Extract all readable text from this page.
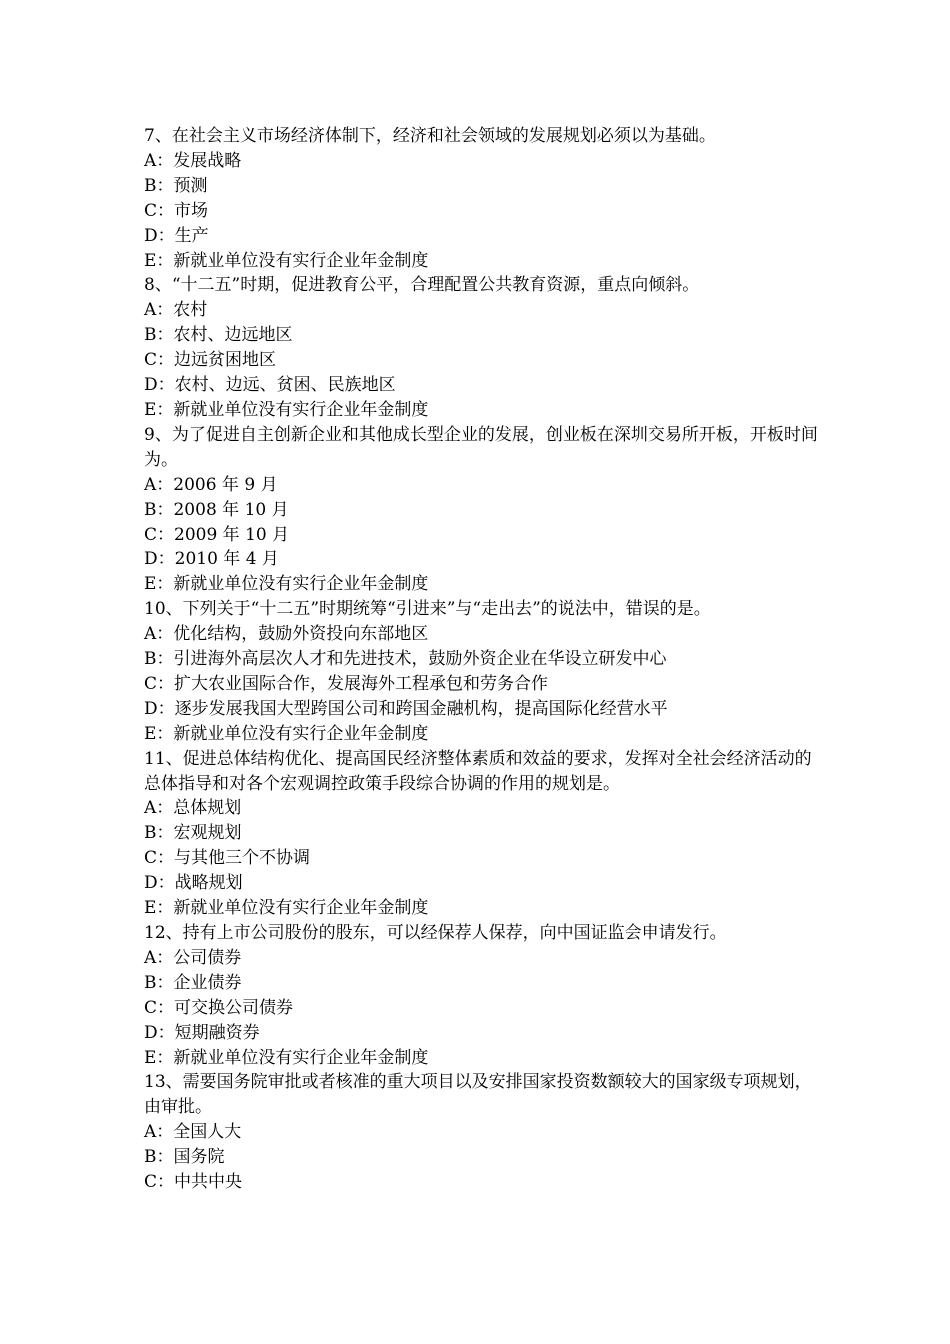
7、在社会主义市场经济体制下，经济和社会领域的发展规划必须以为基础。

A：发展战略

B：预测

C：市场

D：生产

E：新就业单位没有实行企业年金制度

8、“十二五”时期，促进教育公平，合理配置公共教育资源，重点向倾斜。

A：农村

B：农村、边远地区

C：边远贫困地区

D：农村、边远、贫困、民族地区

E：新就业单位没有实行企业年金制度

9、为了促进自主创新企业和其他成长型企业的发展，创业板在深圳交易所开板，开板时间为。

A：2006 年 9 月

B：2008 年 10 月

C：2009 年 10 月

D：2010 年 4 月

E：新就业单位没有实行企业年金制度

10、下列关于“十二五”时期统筹“引进来”与“走出去”的说法中，错误的是。

A：优化结构，鼓励外资投向东部地区

B：引进海外高层次人才和先进技术，鼓励外资企业在华设立研发中心

C：扩大农业国际合作，发展海外工程承包和劳务合作

D：逐步发展我国大型跨国公司和跨国金融机构，提高国际化经营水平

E：新就业单位没有实行企业年金制度

11、促进总体结构优化、提高国民经济整体素质和效益的要求，发挥对全社会经济活动的总体指导和对各个宏观调控政策手段综合协调的作用的规划是。

A：总体规划

B：宏观规划

C：与其他三个不协调

D：战略规划

E：新就业单位没有实行企业年金制度

12、持有上市公司股份的股东，可以经保荐人保荐，向中国证监会申请发行。

A：公司债券

B：企业债券

C：可交换公司债券

D：短期融资券

E：新就业单位没有实行企业年金制度

13、需要国务院审批或者核准的重大项目以及安排国家投资数额较大的国家级专项规划，由审批。

A：全国人大

B：国务院

C：中共中央
